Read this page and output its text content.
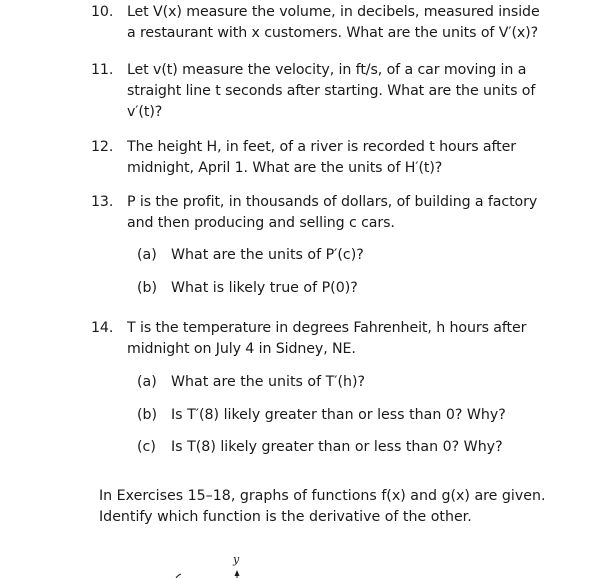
10. Let V(x) measure the volume, in decibels, measured inside
a restaurant with x customers. What are the units of V′(x)?
11. Let v(t) measure the velocity, in ft/s, of a car moving in a
straight line t seconds after starting. What are the units of
v′(t)?
12. The height H, in feet, of a river is recorded t hours after
midnight, April 1. What are the units of H′(t)?
13. P is the profit, in thousands of dollars, of building a factory
and then producing and selling c cars.
(a) What are the units of P′(c)?
(b) What is likely true of P(0)?
14. T is the temperature in degrees Fahrenheit, h hours after
midnight on July 4 in Sidney, NE.
(a) What are the units of T′(h)?
(b) Is T′(8) likely greater than or less than 0? Why?
(c) Is T(8) likely greater than or less than 0? Why?
In Exercises 15–18, graphs of functions f(x) and g(x) are given.
Identify which function is the derivative of the other.
y
